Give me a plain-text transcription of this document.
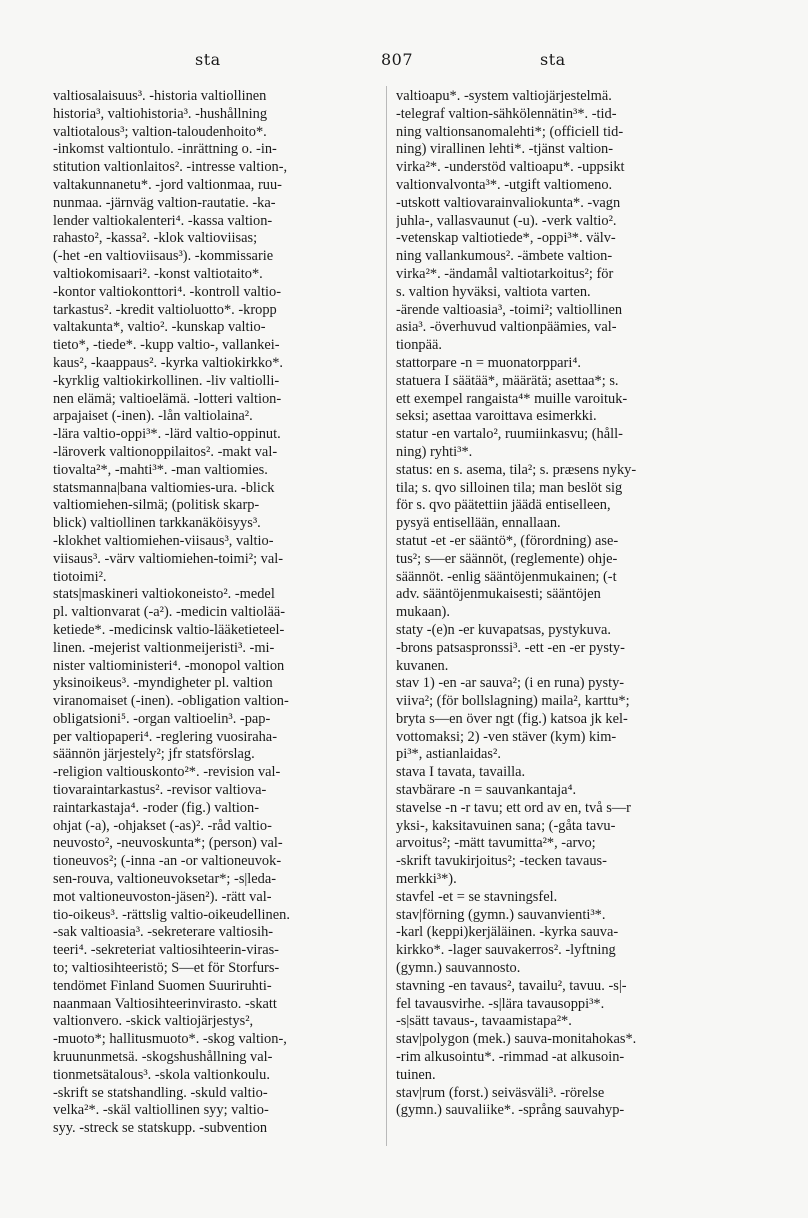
sta	807	sta
valtiosalaisuus³. -historia valtiollinen
historia³, valtiohistoria³. -hushållning
valtiotalous³; valtion-taloudenhoito*.
-inkomst valtiontulo. -inrättning o. -in-
stitution valtionlaitos². -intresse valtion-,
valtakunnanetu*. -jord valtionmaa, ruu-
nunmaa. -järnväg valtion-rautatie. -ka-
lender valtiokalenteri⁴. -kassa valtion-
rahasto², -kassa². -klok valtioviisas;
(-het -en valtioviisaus³). -kommissarie
valtiokomisaari². -konst valtiotaito*.
-kontor valtiokonttori⁴. -kontroll valtio-
tarkastus². -kredit valtioluotto*. -kropp
valtakunta*, valtio². -kunskap valtio-
tieto*, -tiede*. -kupp valtio-, vallankei-
kaus², -kaappaus². -kyrka valtiokirkko*.
-kyrklig valtiokirkollinen. -liv valtiolli-
nen elämä; valtioelämä. -lotteri valtion-
arpajaiset (-inen). -lån valtiolaina².
-lära valtio-oppi³*. -lärd valtio-oppinut.
-läroverk valtionoppilaitos². -makt val-
tiovalta²*, -mahti³*. -man valtiomies.
statsmanna|bana valtiomies-ura. -blick
valtiomiehen-silmä; (politisk skarp-
blick) valtiollinen tarkkanäköisyys³.
-klokhet valtiomiehen-viisaus³, valtio-
viisaus³. -värv valtiomiehen-toimi²; val-
tiotoimi².
stats|maskineri valtiokoneisto². -medel
pl. valtionvarat (-a²). -medicin valtiolää-
ketiede*. -medicinsk valtio-lääketieteel-
linen. -mejerist valtionmeijeristi³. -mi-
nister valtioministeri⁴. -monopol valtion
yksinoikeus³. -myndigheter pl. valtion
viranomaiset (-inen). -obligation valtion-
obligatsioni⁵. -organ valtioelin³. -pap-
per valtiopaperi⁴. -reglering vuosiraha-
säännön järjestely²; jfr statsförslag.
-religion valtiouskonto²*. -revision val-
tiovaraintarkastus². -revisor valtiova-
raintarkastaja⁴. -roder (fig.) valtion-
ohjat (-a), -ohjakset (-as)². -råd valtio-
neuvosto², -neuvoskunta*; (person) val-
tioneuvos²; (-inna -an -or valtioneuvok-
sen-rouva, valtioneuvoksetar*; -s|leda-
mot valtioneuvoston-jäsen²). -rätt val-
tio-oikeus³. -rättslig valtio-oikeudellinen.
-sak valtioasia³. -sekreterare valtiosih-
teeri⁴. -sekreteriat valtiosihteerin-viras-
to; valtiosihteeristö; S—et för Storfurs-
tendömet Finland Suomen Suuriruhti-
naanmaan Valtiosihteerinvirasto. -skatt
valtionvero. -skick valtiojärjestys²,
-muoto*; hallitusmuoto*. -skog valtion-,
kruununmetsä. -skogshushållning val-
tionmetsätalous³. -skola valtionkoulu.
-skrift se statshandling. -skuld valtio-
velka²*. -skäl valtiollinen syy; valtio-
syy. -streck se statskupp. -subvention
valtioapu*. -system valtiojärjestelmä.
-telegraf valtion-sähkölennätin³*. -tid-
ning valtionsanomalehti*; (officiell tid-
ning) virallinen lehti*. -tjänst valtion-
virka²*. -understöd valtioapu*. -uppsikt
valtionvalvonta³*. -utgift valtiomeno.
-utskott valtiovarainvaliokunta*. -vagn
juhla-, vallasvaunut (-u). -verk valtio².
-vetenskap valtiotiede*, -oppi³*. välv-
ning vallankumous². -ämbete valtion-
virka²*. -ändamål valtiotarkoitus²; för
s. valtion hyväksi, valtiota varten.
-ärende valtioasia³, -toimi²; valtiollinen
asia³. -överhuvud valtionpäämies, val-
tionpää.
stattorpare -n = muonatorppari⁴.
statuera I säätää*, määrätä; asettaa*; s.
ett exempel rangaista⁴* muille varoituk-
seksi; asettaa varoittava esimerkki.
statur -en vartalo², ruumiinkasvu; (håll-
ning) ryhti³*.
status: en s. asema, tila²; s. præsens nyky-
tila; s. qvo silloinen tila; man beslöt sig
för s. qvo päätettiin jäädä entiselleen,
pysyä entisellään, ennallaan.
statut -et -er sääntö*, (förordning) ase-
tus²; s—er säännöt, (reglemente) ohje-
säännöt. -enlig sääntöjenmukainen; (-t
adv. sääntöjenmukaisesti; sääntöjen
mukaan).
staty -(e)n -er kuvapatsas, pystykuva.
-brons patsaspronssi³. -ett -en -er pysty-
kuvanen.
stav 1) -en -ar sauva²; (i en runa) pysty-
viiva²; (för bollslagning) maila², karttu*;
bryta s—en över ngt (fig.) katsoa jk kel-
vottomaksi; 2) -ven stäver (kym) kim-
pi³*, astianlaidas².
stava I tavata, tavailla.
stavbärare -n = sauvankantaja⁴.
stavelse -n -r tavu; ett ord av en, två s—r
yksi-, kaksitavuinen sana; (-gåta tavu-
arvoitus²; -mätt tavumitta²*, -arvo;
-skrift tavukirjoitus²; -tecken tavaus-
merkki³*).
stavfel -et = se stavningsfel.
stav|förning (gymn.) sauvanvienti³*.
-karl (keppi)kerjäläinen. -kyrka sauva-
kirkko*. -lager sauvakerros². -lyftning
(gymn.) sauvannosto.
stavning -en tavaus², tavailu², tavuu. -s|-
fel tavausvirhe. -s|lära tavausoppi³*.
-s|sätt tavaus-, tavaamistapa²*.
stav|polygon (mek.) sauva-monitahokas*.
-rim alkusointu*. -rimmad -at alkusoin-
tuinen.
stav|rum (forst.) seiväsväli³. -rörelse
(gymn.) sauvaliike*. -språng sauvahyp-
